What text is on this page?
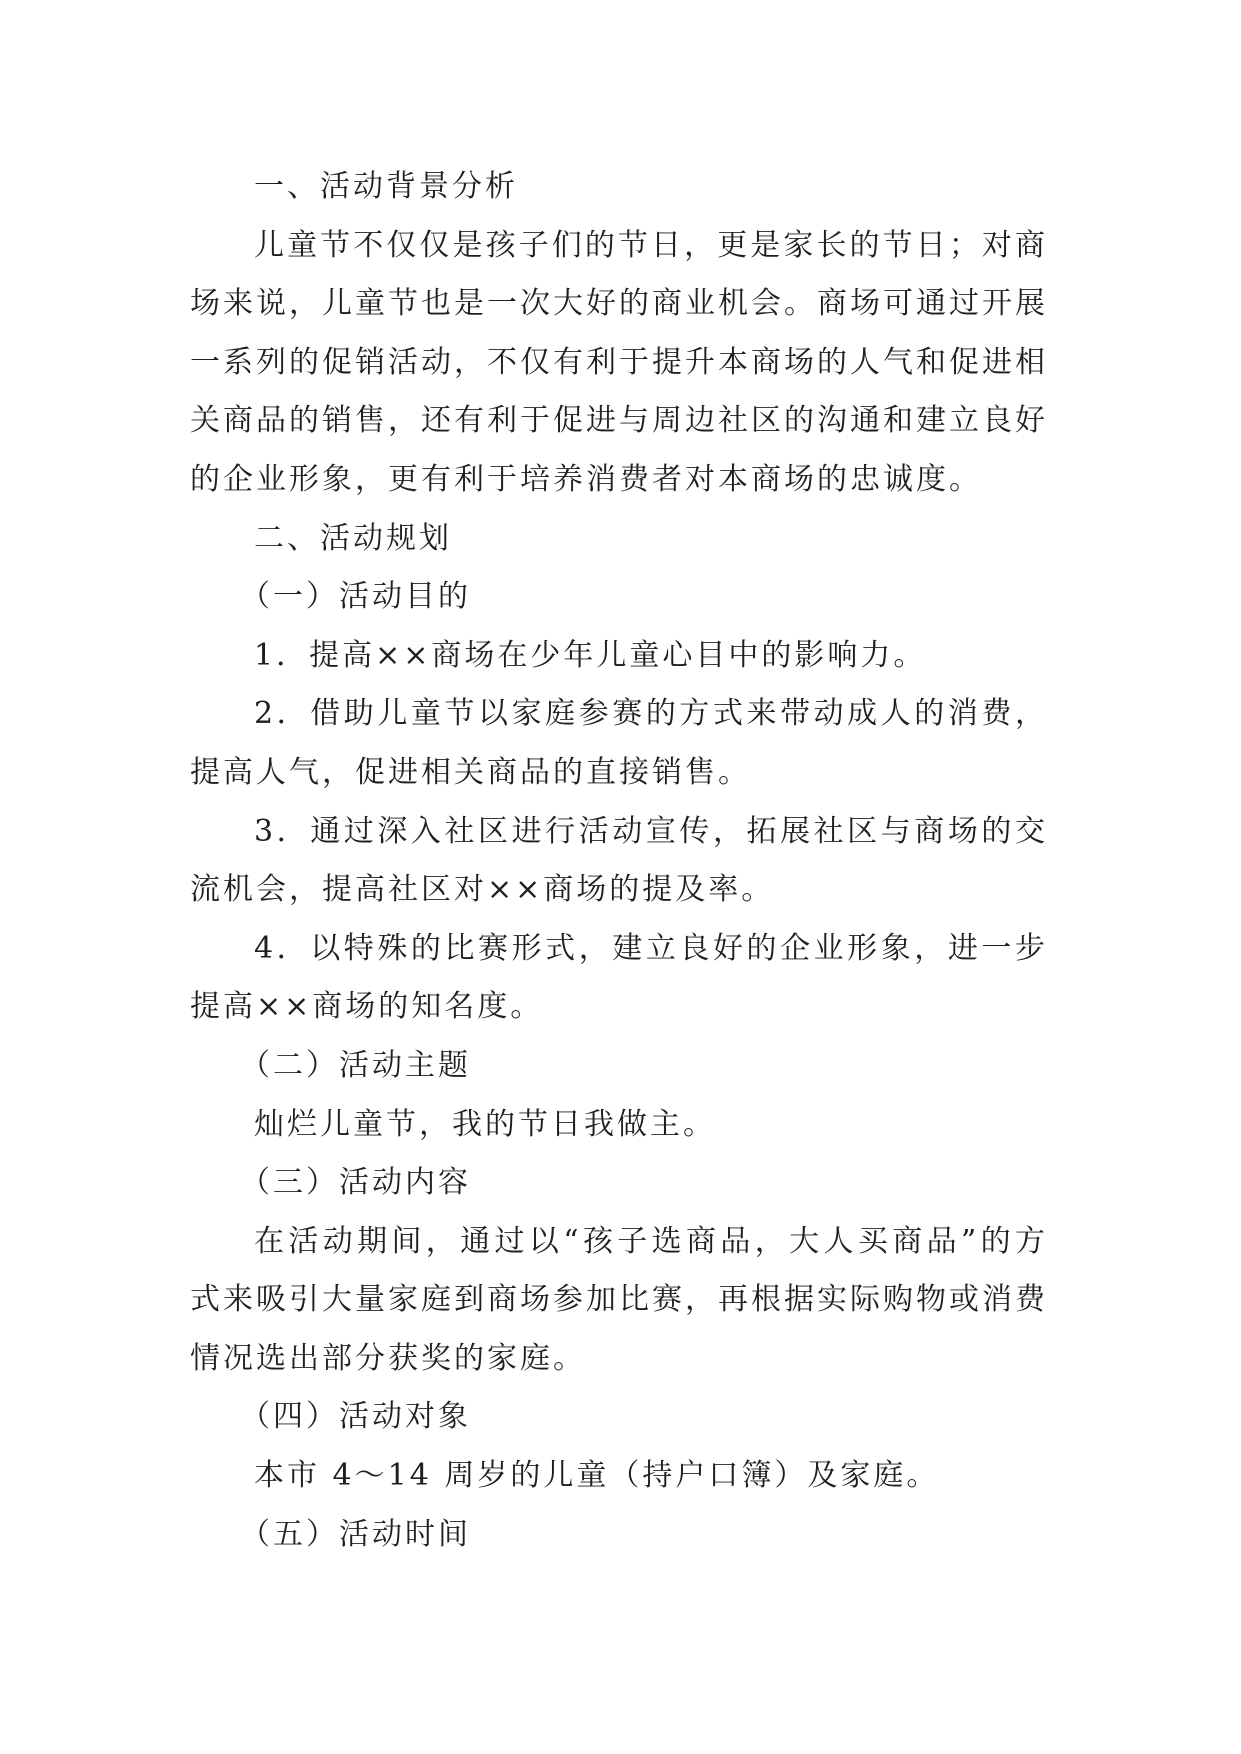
一、活动背景分析

儿童节不仅仅是孩子们的节日，更是家长的节日；对商场来说，儿童节也是一次大好的商业机会。商场可通过开展一系列的促销活动，不仅有利于提升本商场的人气和促进相关商品的销售，还有利于促进与周边社区的沟通和建立良好的企业形象，更有利于培养消费者对本商场的忠诚度。

二、活动规划

（一）活动目的

1．提高××商场在少年儿童心目中的影响力。

2．借助儿童节以家庭参赛的方式来带动成人的消费，提高人气，促进相关商品的直接销售。

3．通过深入社区进行活动宣传，拓展社区与商场的交流机会，提高社区对××商场的提及率。

4．以特殊的比赛形式，建立良好的企业形象，进一步提高××商场的知名度。

（二）活动主题

灿烂儿童节，我的节日我做主。

（三）活动内容

在活动期间，通过以“孩子选商品，大人买商品”的方式来吸引大量家庭到商场参加比赛，再根据实际购物或消费情况选出部分获奖的家庭。

（四）活动对象

本市 4～14 周岁的儿童（持户口簿）及家庭。

（五）活动时间
